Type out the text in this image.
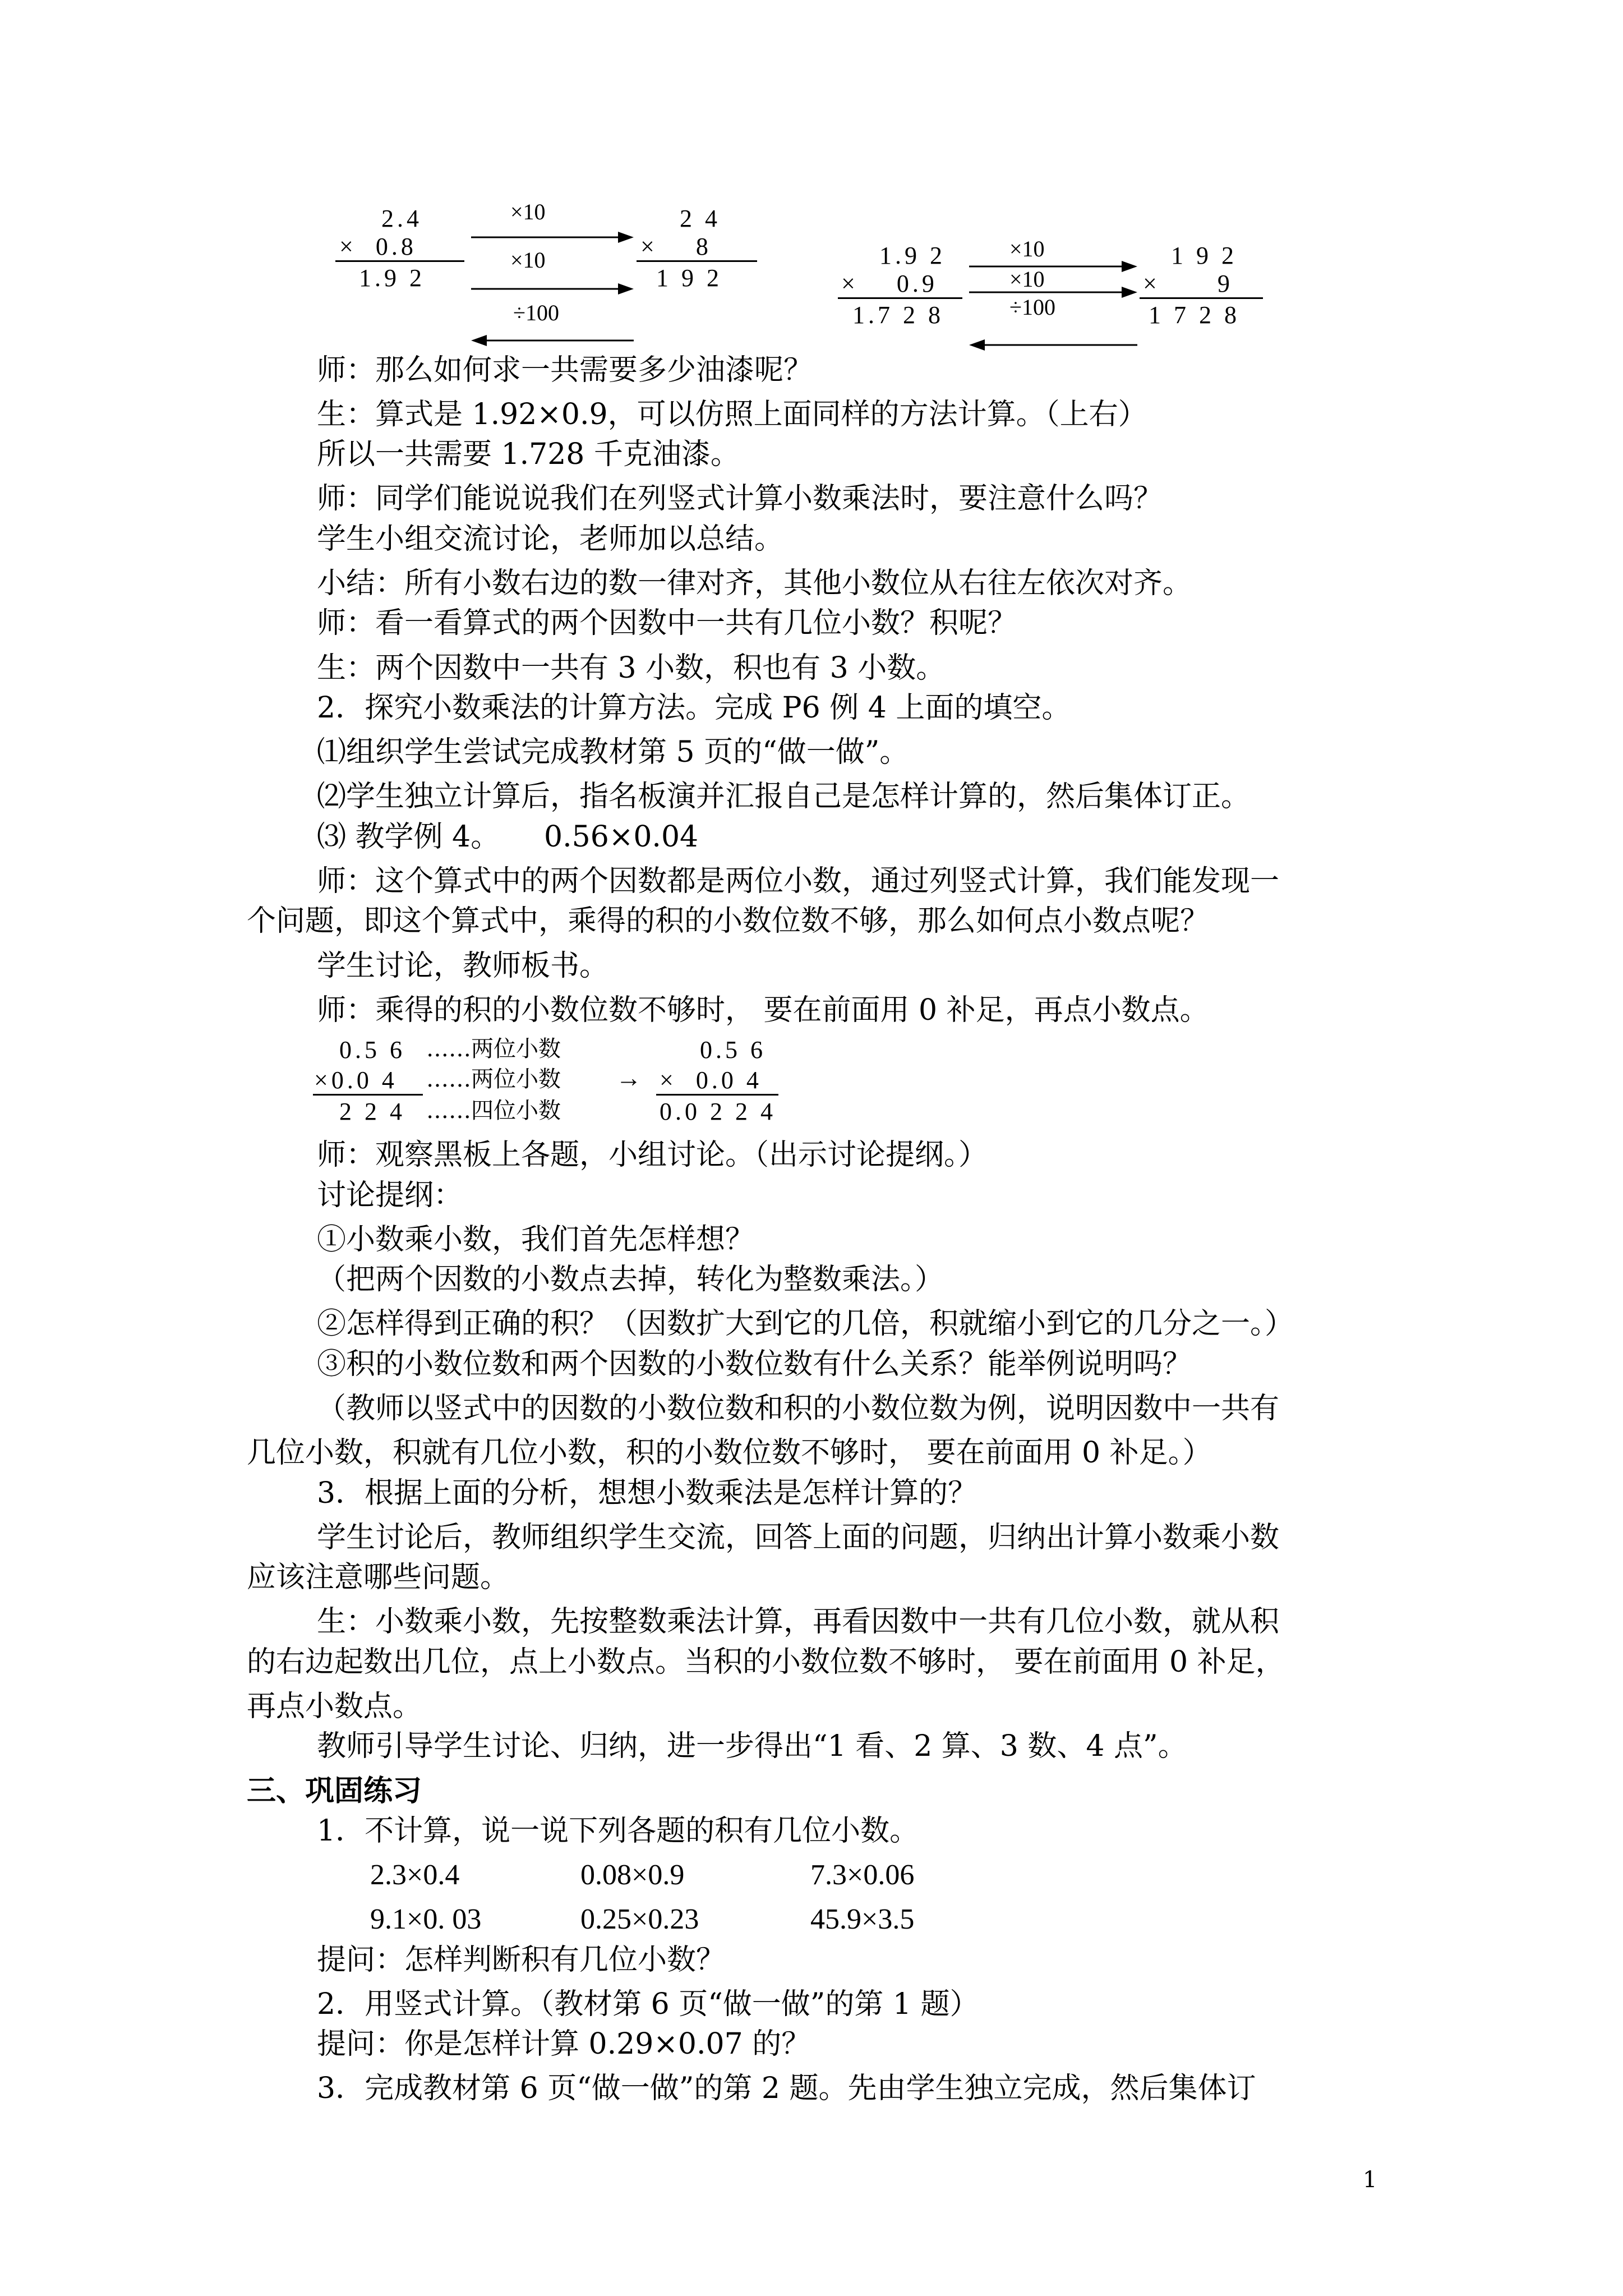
2.4
×  0.8
1.9 2
×10
×10
÷100
2 4
×    8
1 9 2
1.9 2
×    0.9
1.7 2 8
×10
×10
÷100
1 9 2
×      9
1 7 2 8
师：那么如何求一共需要多少油漆呢？
生：算式是 1.92×0.9，可以仿照上面同样的方法计算。（上右）
所以一共需要 1.728 千克油漆。
师：同学们能说说我们在列竖式计算小数乘法时，要注意什么吗？
学生小组交流讨论，老师加以总结。
小结：所有小数右边的数一律对齐，其他小数位从右往左依次对齐。
师：看一看算式的两个因数中一共有几位小数？积呢？
生：两个因数中一共有 3 小数，积也有 3 小数。
2．探究小数乘法的计算方法。完成 P6 例 4 上面的填空。
⑴组织学生尝试完成教材第 5 页的“做一做”。
⑵学生独立计算后，指名板演并汇报自己是怎样计算的，然后集体订正。
⑶ 教学例 4。 0.56×0.04
师：这个算式中的两个因数都是两位小数，通过列竖式计算，我们能发现一
个问题，即这个算式中，乘得的积的小数位数不够，那么如何点小数点呢？
学生讨论，教师板书。
师：乘得的积的小数位数不够时， 要在前面用 0 补足，再点小数点。
0.5 6 ……两位小数
×0.0 4 ……两位小数
2 2 4 ……四位小数
→
0.5 6
×  0.0 4
0.0 2 2 4
师：观察黑板上各题，小组讨论。（出示讨论提纲。）
讨论提纲：
①小数乘小数，我们首先怎样想？
（把两个因数的小数点去掉，转化为整数乘法。）
②怎样得到正确的积？（因数扩大到它的几倍，积就缩小到它的几分之一。）
③积的小数位数和两个因数的小数位数有什么关系？能举例说明吗？
（教师以竖式中的因数的小数位数和积的小数位数为例，说明因数中一共有
几位小数，积就有几位小数，积的小数位数不够时， 要在前面用 0 补足。）
3．根据上面的分析，想想小数乘法是怎样计算的？
学生讨论后，教师组织学生交流，回答上面的问题，归纳出计算小数乘小数
应该注意哪些问题。
生：小数乘小数，先按整数乘法计算，再看因数中一共有几位小数，就从积
的右边起数出几位，点上小数点。当积的小数位数不够时， 要在前面用 0 补足，
再点小数点。
教师引导学生讨论、归纳，进一步得出“1 看、2 算、3 数、4 点”。
三、巩固练习
1．不计算，说一说下列各题的积有几位小数。
2.3×0.4	0.08×0.9	7.3×0.06
9.1×0. 03	0.25×0.23	45.9×3.5
提问：怎样判断积有几位小数？
2．用竖式计算。（教材第 6 页“做一做”的第 1 题）
提问：你是怎样计算 0.29×0.07 的？
3．完成教材第 6 页“做一做”的第 2 题。先由学生独立完成，然后集体订
1
